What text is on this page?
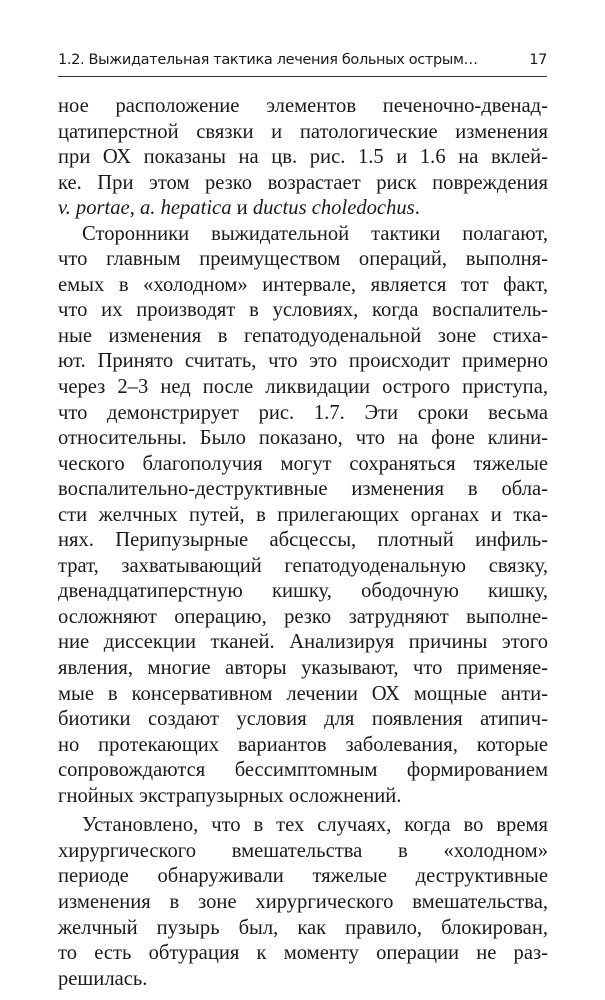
1.2. Выжидательная тактика лечения больных острым…	17
ное расположение элементов печеночно-двенад-
цатиперстной связки и патологические изменения
при ОХ показаны на цв. рис. 1.5 и 1.6 на вклей-
ке. При этом резко возрастает риск повреждения
v. portae, a. hepatica и ductus choledochus.
Сторонники выжидательной тактики полагают,
что главным преимуществом операций, выполня-
емых в «холодном» интервале, является тот факт,
что их производят в условиях, когда воспалитель-
ные изменения в гепатодуоденальной зоне стиха-
ют. Принято считать, что это происходит примерно
через 2–3 нед после ликвидации острого приступа,
что демонстрирует рис. 1.7. Эти сроки весьма
относительны. Было показано, что на фоне клини-
ческого благополучия могут сохраняться тяжелые
воспалительно-деструктивные изменения в обла-
сти желчных путей, в прилегающих органах и тка-
нях. Перипузырные абсцессы, плотный инфиль-
трат, захватывающий гепатодуоденальную связку,
двенадцатиперстную кишку, ободочную кишку,
осложняют операцию, резко затрудняют выполне-
ние диссекции тканей. Анализируя причины этого
явления, многие авторы указывают, что применяе-
мые в консервативном лечении ОХ мощные анти-
биотики создают условия для появления атипич-
но протекающих вариантов заболевания, которые
сопровождаются бессимптомным формированием
гнойных экстрапузырных осложнений.
Установлено, что в тех случаях, когда во время
хирургического вмешательства в «холодном»
периоде обнаруживали тяжелые деструктивные
изменения в зоне хирургического вмешательства,
желчный пузырь был, как правило, блокирован,
то есть обтурация к моменту операции не раз-
решилась.
